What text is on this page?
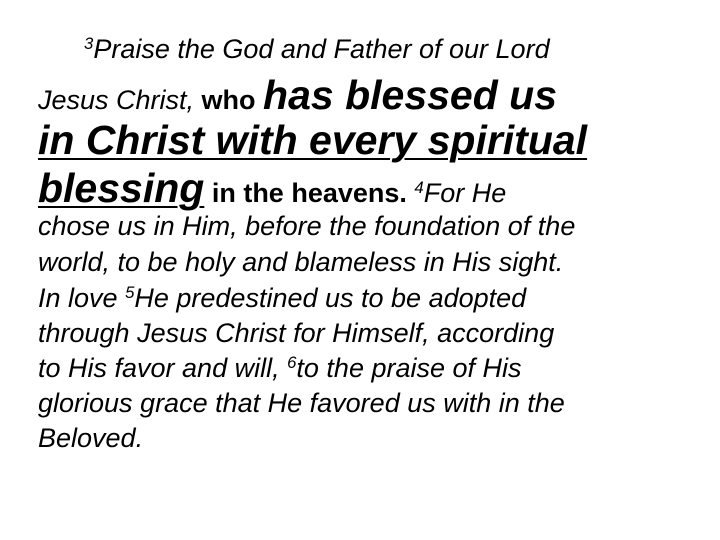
$^3$Praise the God and Father of our Lord
Jesus Christ, who has blessed us
in Christ with every spiritual
blessing in the heavens. $^4$For He
chose us in Him, before the foundation of the
world, to be holy and blameless in His sight.
In love $^5$He predestined us to be adopted
through Jesus Christ for Himself, according
to His favor and will, $^6$to the praise of His
glorious grace that He favored us with in the
Beloved.
